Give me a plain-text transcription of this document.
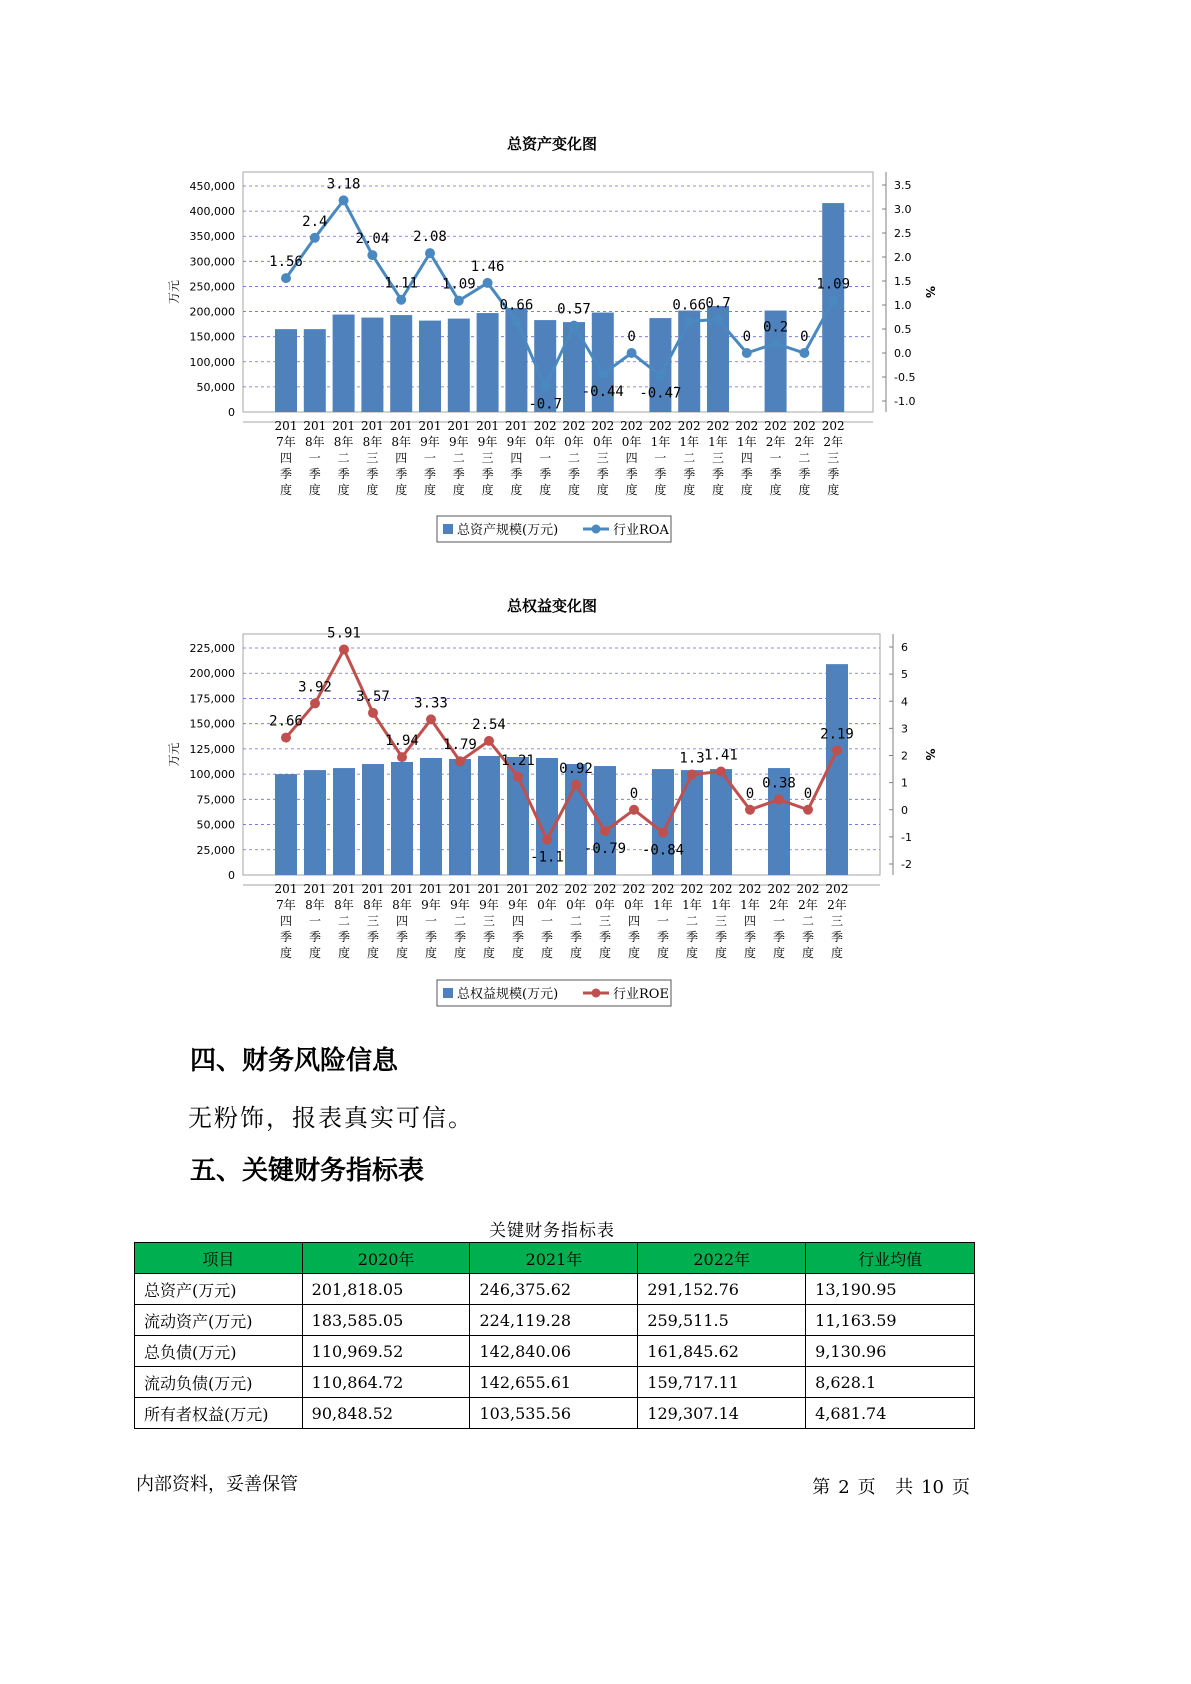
总资产变化图
450,000
400,000
350,000
300,000
250,000
200,000
150,000
100,000
50,000
0
3.5
3.0
2.5
2.0
1.5
1.0
0.5
0.0
-0.5
-1.0
万元	%
201
7年
四
季
度
201
8年
一
季
度
201
8年
二
季
度
201
8年
三
季
度
201
8年
四
季
度
201
9年
一
季
度
201
9年
二
季
度
201
9年
三
季
度
201
9年
四
季
度
202
0年
一
季
度
202
0年
二
季
度
202
0年
三
季
度
202
0年
四
季
度
202
1年
一
季
度
202
1年
二
季
度
202
1年
三
季
度
202
1年
四
季
度
202
2年
一
季
度
202
2年
二
季
度
202
2年
三
季
度
1.56
2.4
3.18
2.04
1.11
2.08
1.09
1.46
0.66
-0.7
0.57
-0.44
0
-0.47
0.66 0.7
0
0.2
0
1.09
总资产规模(万元)	行业ROA
总权益变化图
225,000
200,000
175,000
150,000
125,000
100,000
75,000
50,000
25,000
0
6
5
4
3
2
1
0
-1
-2
万元	%
201
7年
四
季
度
201
8年
一
季
度
201
8年
二
季
度
201
8年
三
季
度
201
8年
四
季
度
201
9年
一
季
度
201
9年
二
季
度
201
9年
三
季
度
201
9年
四
季
度
202
0年
一
季
度
202
0年
二
季
度
202
0年
三
季
度
202
0年
四
季
度
202
1年
一
季
度
202
1年
二
季
度
202
1年
三
季
度
202
1年
四
季
度
202
2年
一
季
度
202
2年
二
季
度
202
2年
三
季
度
2.66
3.92
5.91
3.57
1.94
3.33
1.79
2.54
1.21
-1.1
0.92
-0.79
0
-0.84
1.3 1.41
0
0.38
0
2.19
总权益规模(万元)	行业ROE
四、财务风险信息
无粉饰，报表真实可信。
五、关键财务指标表
关键财务指标表
项目	2020年	2021年	2022年	行业均值
总资产(万元)	201,818.05	246,375.62	291,152.76	13,190.95
流动资产(万元)	183,585.05	224,119.28	259,511.5	11,163.59
总负债(万元)	110,969.52	142,840.06	161,845.62	9,130.96
流动负债(万元)	110,864.72	142,655.61	159,717.11	8,628.1
所有者权益(万元)	90,848.52	103,535.56	129,307.14	4,681.74
内部资料，妥善保管	第 2 页 共 10 页
